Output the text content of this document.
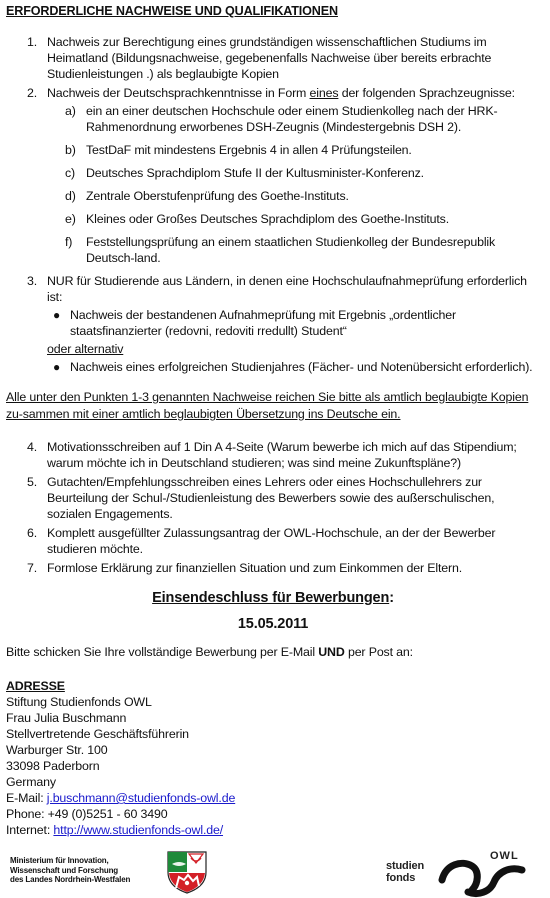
ERFORDERLICHE NACHWEISE UND QUALIFIKATIONEN
1. Nachweis zur Berechtigung eines grundständigen wissenschaftlichen Studiums im Heimatland (Bildungsnachweise, gegebenenfalls Nachweise über bereits erbrachte Studienleistungen .) als beglaubigte Kopien
2. Nachweis der Deutschsprachkenntnisse in Form eines der folgenden Sprachzeugnisse:
a) ein an einer deutschen Hochschule oder einem Studienkolleg nach der HRK-Rahmenordnung erworbenes DSH-Zeugnis (Mindestergebnis DSH 2).
b) TestDaF mit mindestens Ergebnis 4 in allen 4 Prüfungsteilen.
c) Deutsches Sprachdiplom Stufe II der Kultusminister-Konferenz.
d) Zentrale Oberstufenprüfung des Goethe-Instituts.
e) Kleines oder Großes Deutsches Sprachdiplom des Goethe-Instituts.
f) Feststellungsprüfung an einem staatlichen Studienkolleg der Bundesrepublik Deutsch-land.
3. NUR für Studierende aus Ländern, in denen eine Hochschulaufnahmeprüfung erforderlich ist:
● Nachweis der bestandenen Aufnahmeprüfung mit Ergebnis „ordentlicher staatsfinanzierter (redovni, redoviti rredullt) Student“
oder alternativ
● Nachweis eines erfolgreichen Studienjahres (Fächer- und Notenübersicht erforderlich).
Alle unter den Punkten 1-3 genannten Nachweise reichen Sie bitte als amtlich beglaubigte Kopien zu-sammen mit einer amtlich beglaubigten Übersetzung ins Deutsche ein.
4. Motivationsschreiben auf 1 Din A 4-Seite (Warum bewerbe ich mich auf das Stipendium; warum möchte ich in Deutschland studieren; was sind meine Zukunftspläne?)
5. Gutachten/Empfehlungsschreiben eines Lehrers oder eines Hochschullehrers zur Beurteilung der Schul-/Studienleistung des Bewerbers sowie des außerschulischen, sozialen Engagements.
6. Komplett ausgefüllter Zulassungsantrag der OWL-Hochschule, an der der Bewerber studieren möchte.
7. Formlose Erklärung zur finanziellen Situation und zum Einkommen der Eltern.
Einsendeschluss für Bewerbungen:
15.05.2011
Bitte schicken Sie Ihre vollständige Bewerbung per E-Mail UND per Post an:
ADRESSE
Stiftung Studienfonds OWL
Frau Julia Buschmann
Stellvertretende Geschäftsführerin
Warburger Str. 100
33098 Paderborn
Germany
E-Mail: j.buschmann@studienfonds-owl.de
Phone: +49 (0)5251 - 60 3490
Internet: http://www.studienfonds-owl.de/
Ministerium für Innovation,
Wissenschaft und Forschung
des Landes Nordrhein-Westfalen
studien
fonds
OWL
